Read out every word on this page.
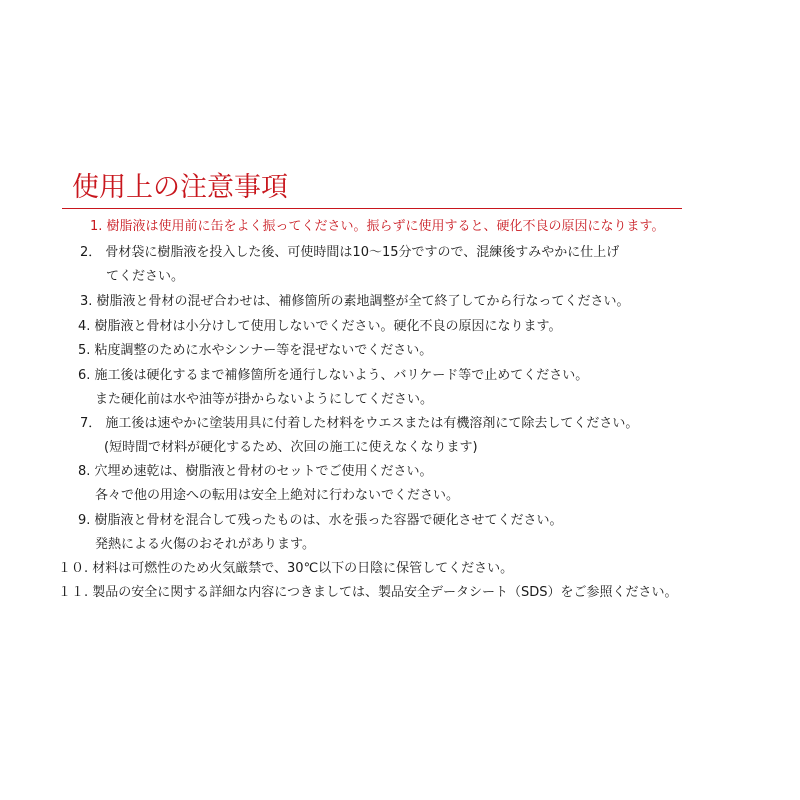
使用上の注意事項
1. 樹脂液は使用前に缶をよく振ってください。振らずに使用すると、硬化不良の原因になります。
2． 骨材袋に樹脂液を投入した後、可使時間は10～15分ですので、混練後すみやかに仕上げ
てください。
3. 樹脂液と骨材の混ぜ合わせは、補修箇所の素地調整が全て終了してから行なってください。
4. 樹脂液と骨材は小分けして使用しないでください。硬化不良の原因になります。
5. 粘度調整のために水やシンナー等を混ぜないでください。
6. 施工後は硬化するまで補修箇所を通行しないよう、バリケード等で止めてください。
また硬化前は水や油等が掛からないようにしてください。
7． 施工後は速やかに塗装用具に付着した材料をウエスまたは有機溶剤にて除去してください。
(短時間で材料が硬化するため、次回の施工に使えなくなります)
8. 穴埋め速乾は、樹脂液と骨材のセットでご使用ください。
各々で他の用途への転用は安全上絶対に行わないでください。
9. 樹脂液と骨材を混合して残ったものは、水を張った容器で硬化させてください。
発熱による火傷のおそれがあります。
１０. 材料は可燃性のため火気厳禁で、30℃以下の日陰に保管してください。
１１. 製品の安全に関する詳細な内容につきましては、製品安全データシート（SDS）をご参照ください。
